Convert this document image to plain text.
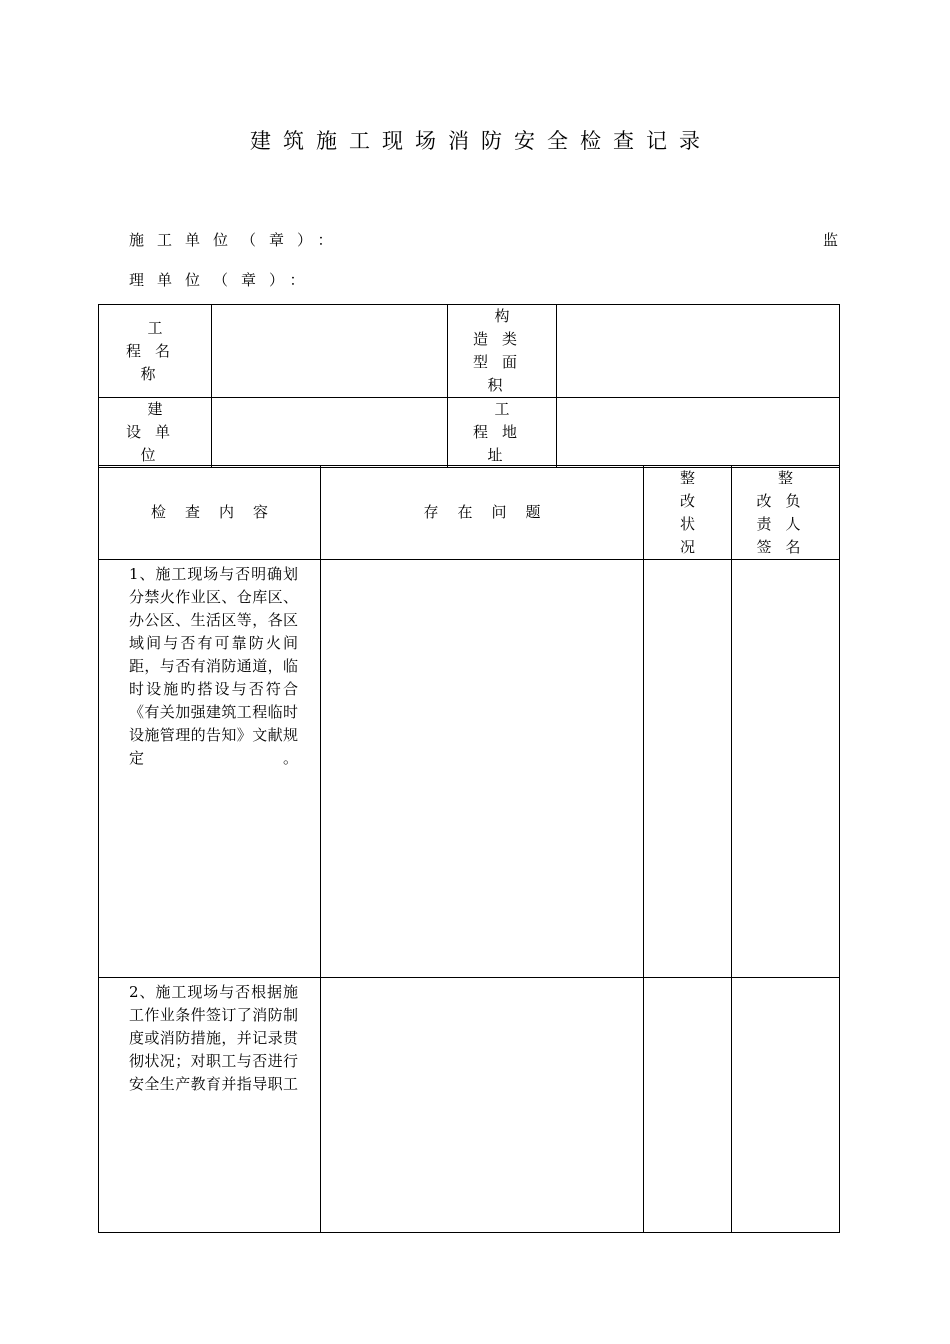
建筑施工现场消防安全检查记录
施工单位（章）：	监
理单位（章）：
工程名称		构造类型面积	

建设单位		工程地址	

检查内容	存在问题	整改状况	整改负责人签名

1、施工现场与否明确划分禁火作业区、仓库区、办公区、生活区等，各区域间与否有可靠防火间距，与否有消防通道，临时设施旳搭设与否符合《有关加强建筑工程临时设施管理的告知》文献规定。			
2、施工现场与否根据施工作业条件签订了消防制度或消防措施，并记录贯彻状况；对职工与否进行安全生产教育并指导职工			
